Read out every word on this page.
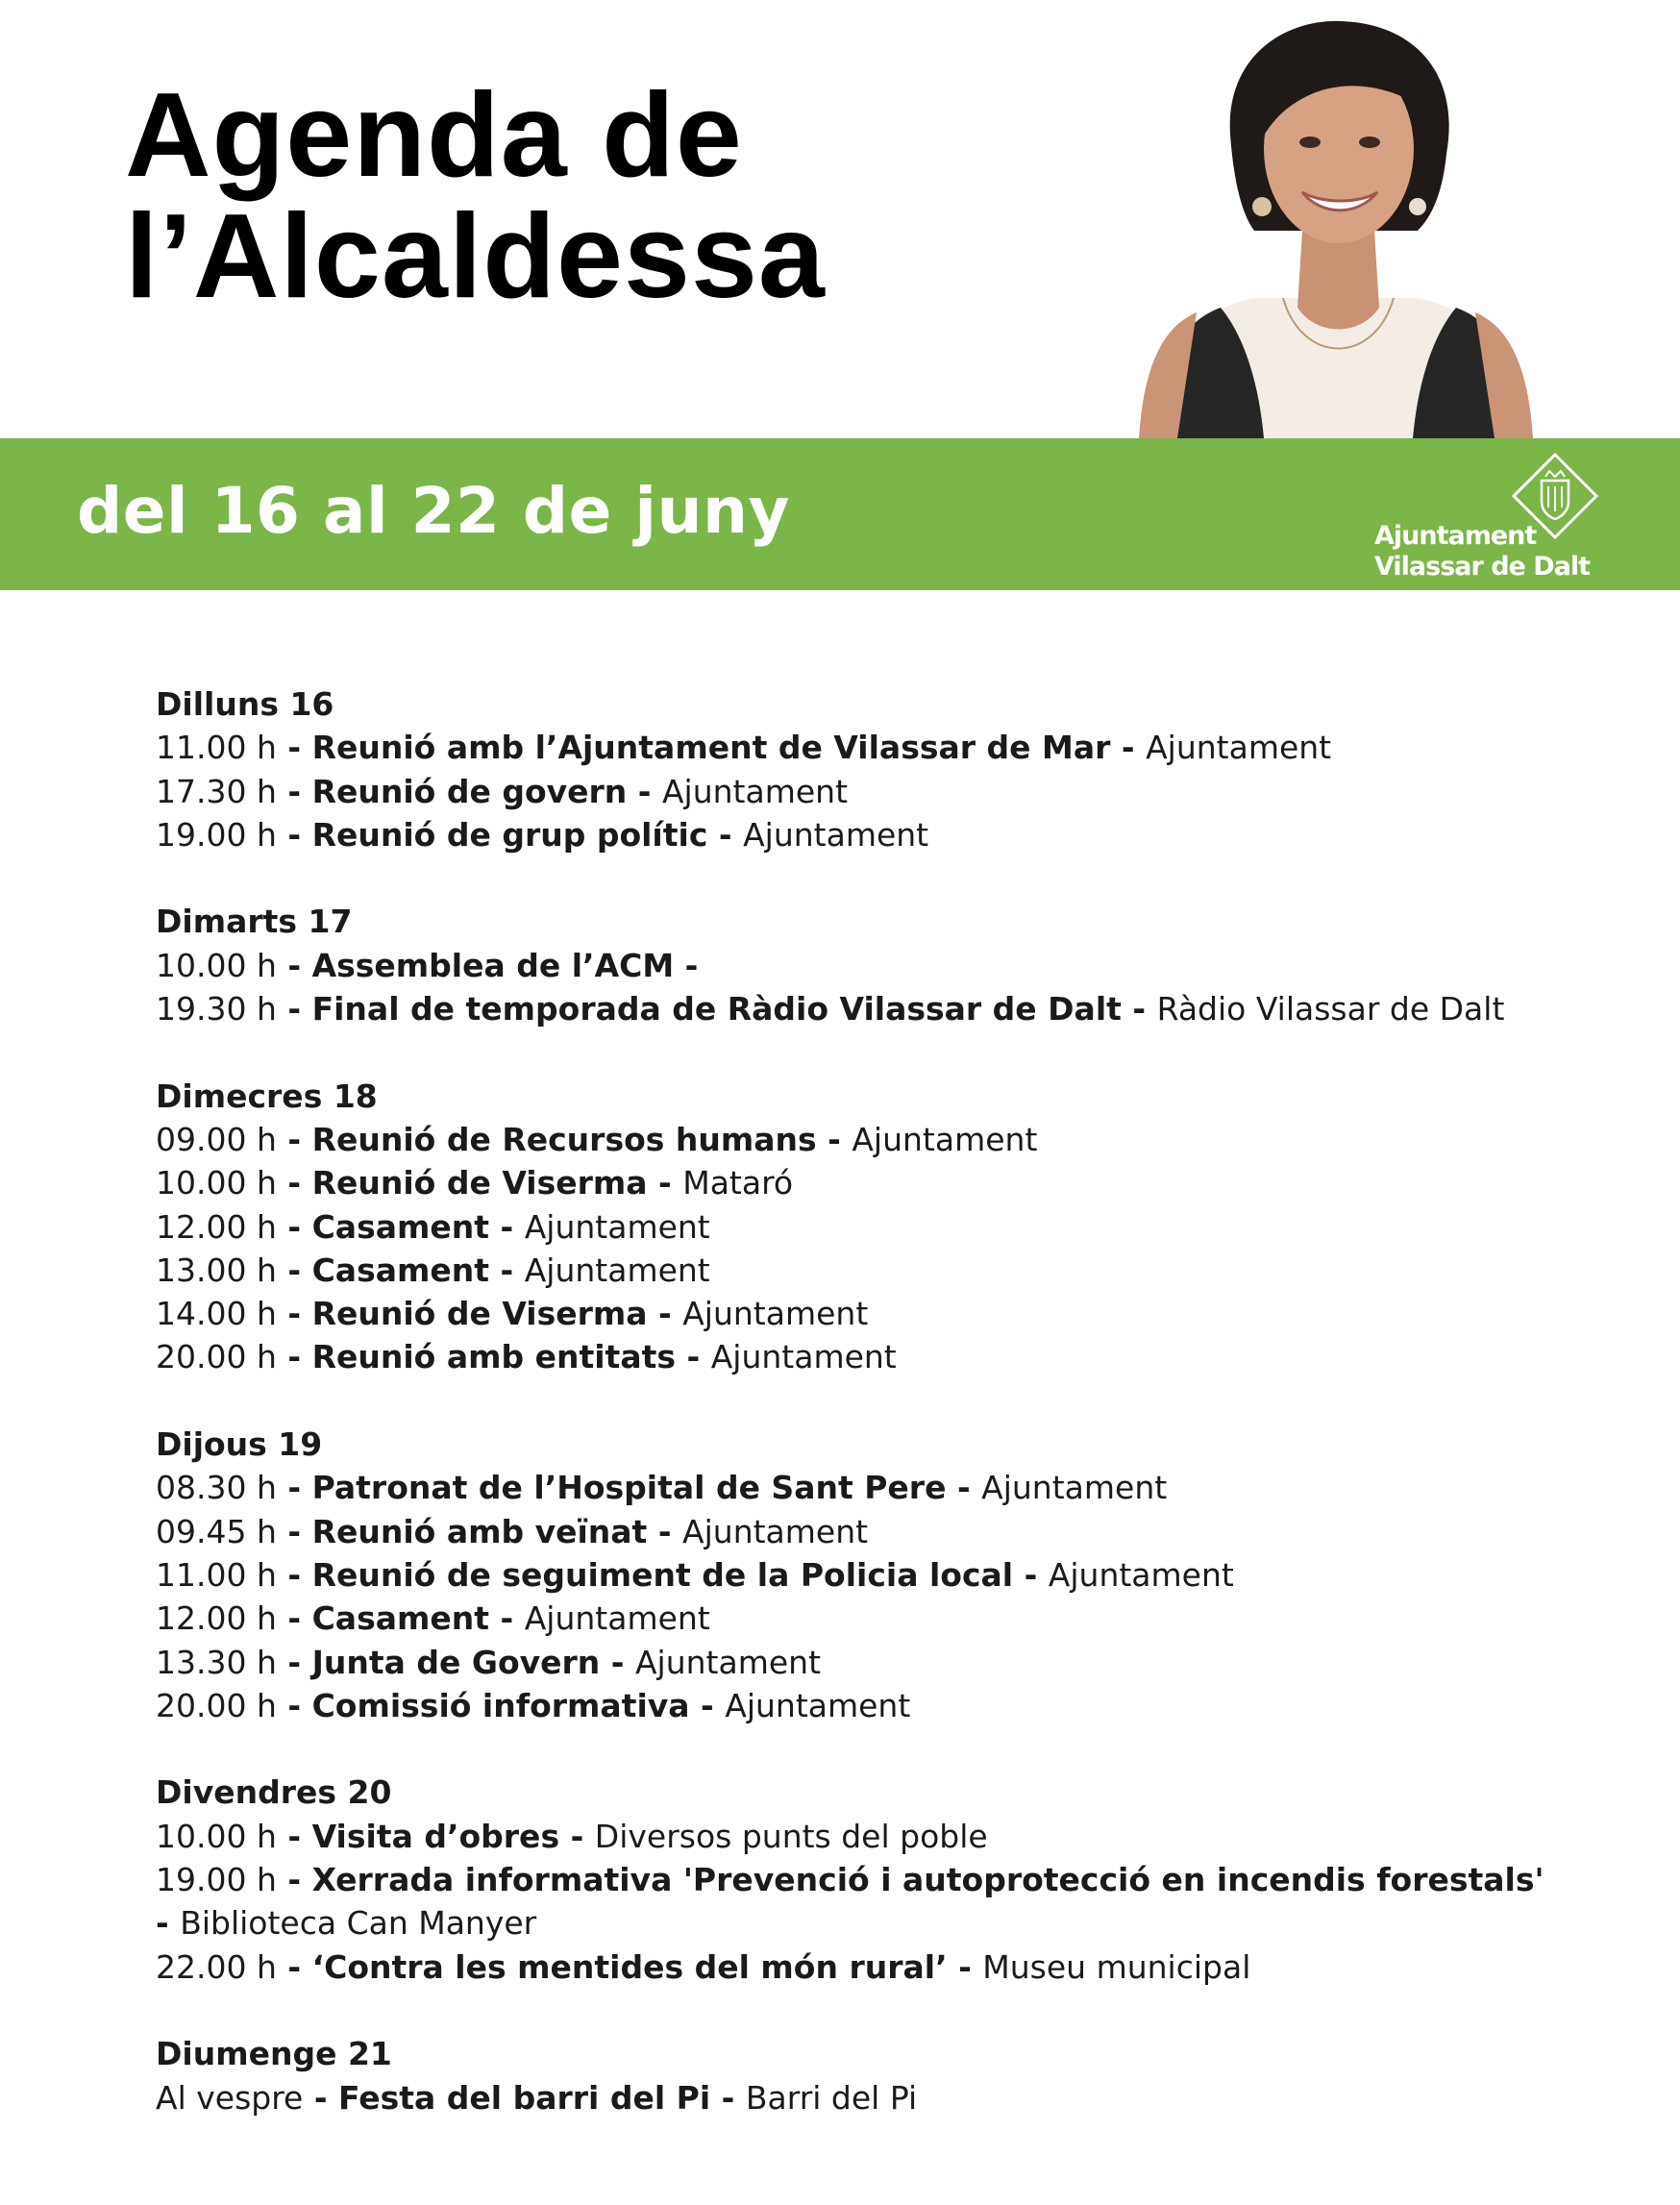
Agenda de
l’Alcaldessa
del 16 al 22 de juny	Ajuntament
Vilassar de Dalt
Dilluns 16
11.00 h - Reunió amb l’Ajuntament de Vilassar de Mar - Ajuntament
17.30 h - Reunió de govern - Ajuntament
19.00 h - Reunió de grup polític - Ajuntament
Dimarts 17
10.00 h - Assemblea de l’ACM -
19.30 h - Final de temporada de Ràdio Vilassar de Dalt - Ràdio Vilassar de Dalt
Dimecres 18
09.00 h - Reunió de Recursos humans - Ajuntament
10.00 h - Reunió de Viserma - Mataró
12.00 h - Casament - Ajuntament
13.00 h - Casament - Ajuntament
14.00 h - Reunió de Viserma - Ajuntament
20.00 h - Reunió amb entitats - Ajuntament
Dijous 19
08.30 h - Patronat de l’Hospital de Sant Pere - Ajuntament
09.45 h - Reunió amb veïnat - Ajuntament
11.00 h - Reunió de seguiment de la Policia local - Ajuntament
12.00 h - Casament - Ajuntament
13.30 h - Junta de Govern - Ajuntament
20.00 h - Comissió informativa - Ajuntament
Divendres 20
10.00 h - Visita d’obres - Diversos punts del poble
19.00 h - Xerrada informativa 'Prevenció i autoprotecció en incendis forestals' - Biblioteca Can Manyer
22.00 h - ‘Contra les mentides del món rural’ - Museu municipal
Diumenge 21
Al vespre - Festa del barri del Pi - Barri del Pi
